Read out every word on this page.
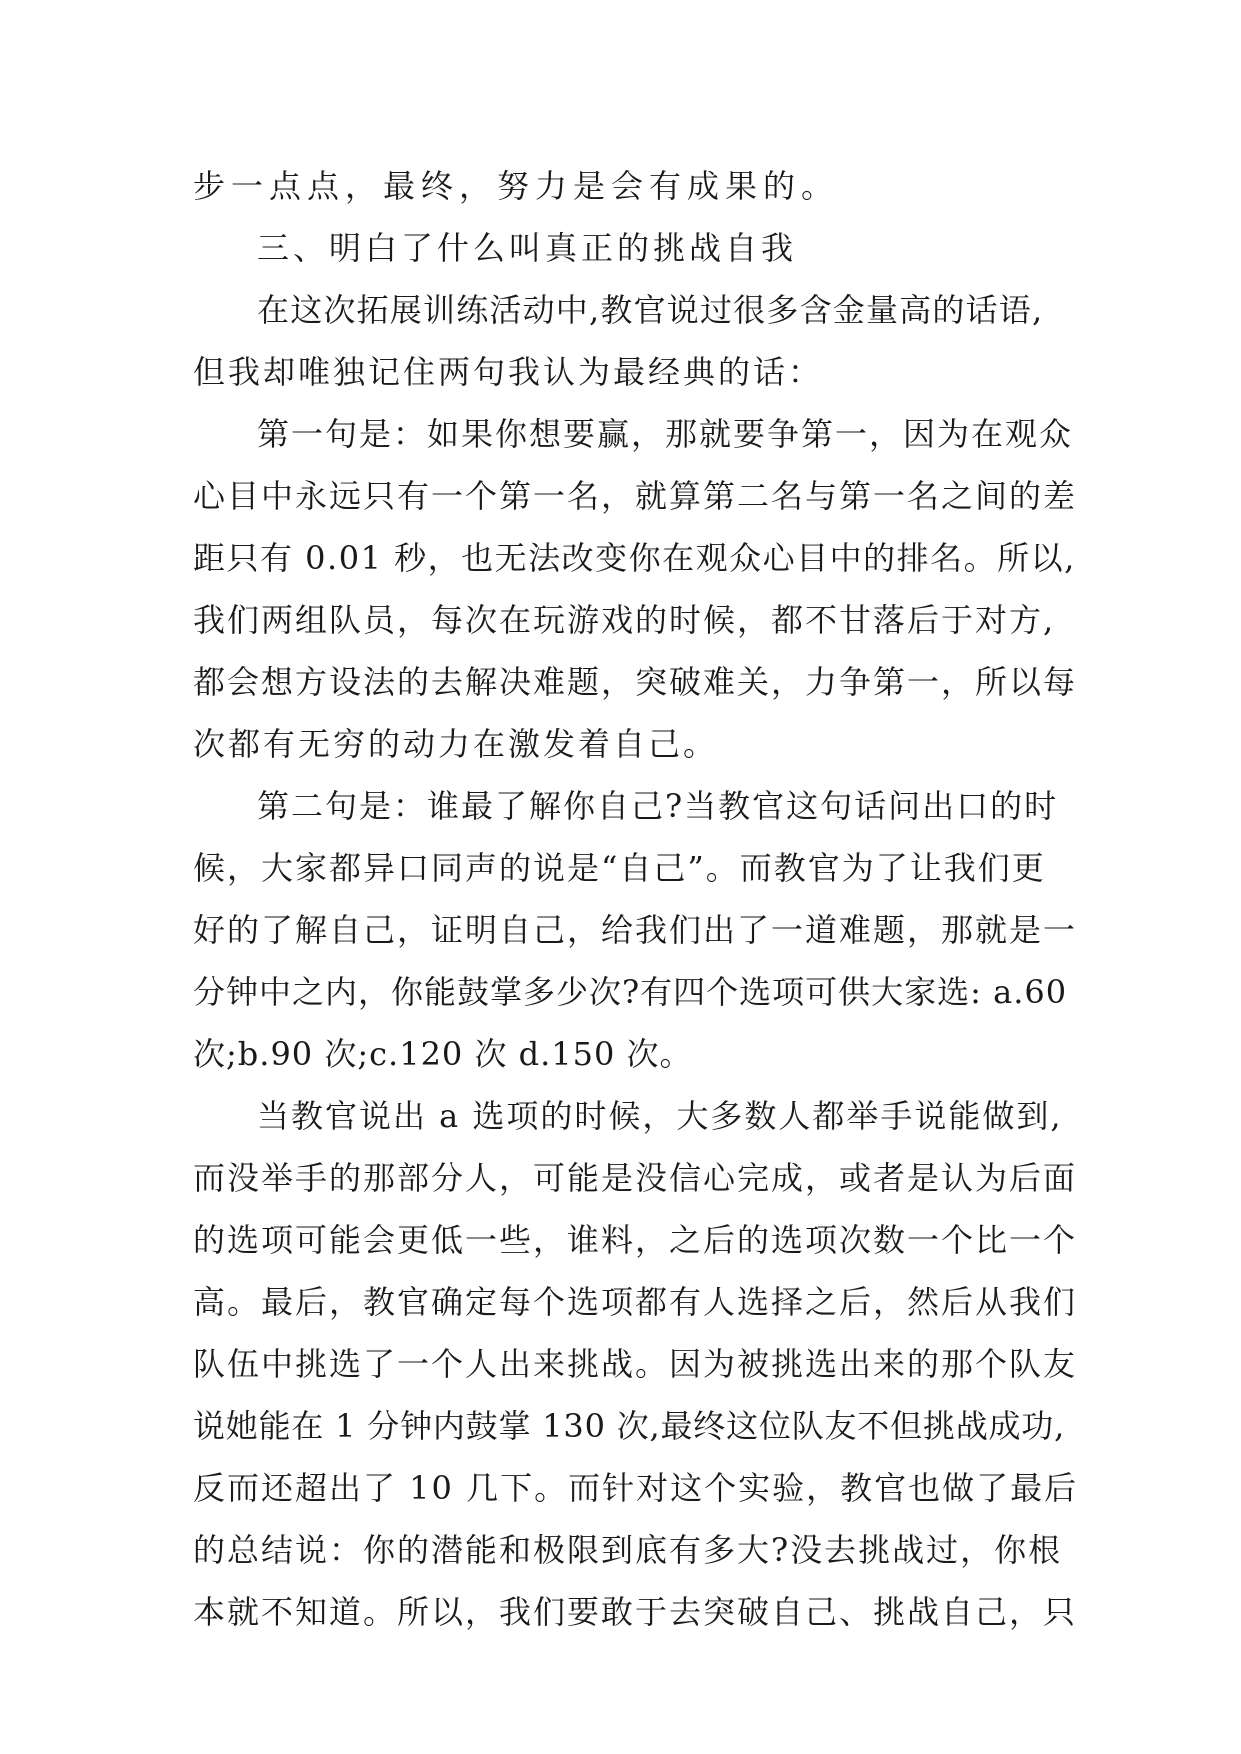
步一点点，最终，努力是会有成果的。
三、明白了什么叫真正的挑战自我
在这次拓展训练活动中,教官说过很多含金量高的话语,
但我却唯独记住两句我认为最经典的话：
第一句是：如果你想要赢，那就要争第一，因为在观众
心目中永远只有一个第一名，就算第二名与第一名之间的差
距只有 0.01 秒，也无法改变你在观众心目中的排名。所以,
我们两组队员，每次在玩游戏的时候，都不甘落后于对方,
都会想方设法的去解决难题，突破难关，力争第一，所以每
次都有无穷的动力在激发着自己。
第二句是：谁最了解你自己?当教官这句话问出口的时
候，大家都异口同声的说是“自己”。而教官为了让我们更
好的了解自己，证明自己，给我们出了一道难题，那就是一
分钟中之内，你能鼓掌多少次?有四个选项可供大家选: a.60
次;b.90 次;c.120 次 d.150 次。
当教官说出 a 选项的时候，大多数人都举手说能做到,
而没举手的那部分人，可能是没信心完成，或者是认为后面
的选项可能会更低一些，谁料，之后的选项次数一个比一个
高。最后，教官确定每个选项都有人选择之后，然后从我们
队伍中挑选了一个人出来挑战。因为被挑选出来的那个队友
说她能在 1 分钟内鼓掌 130 次,最终这位队友不但挑战成功,
反而还超出了 10 几下。而针对这个实验，教官也做了最后
的总结说：你的潜能和极限到底有多大?没去挑战过，你根
本就不知道。所以，我们要敢于去突破自己、挑战自己，只
